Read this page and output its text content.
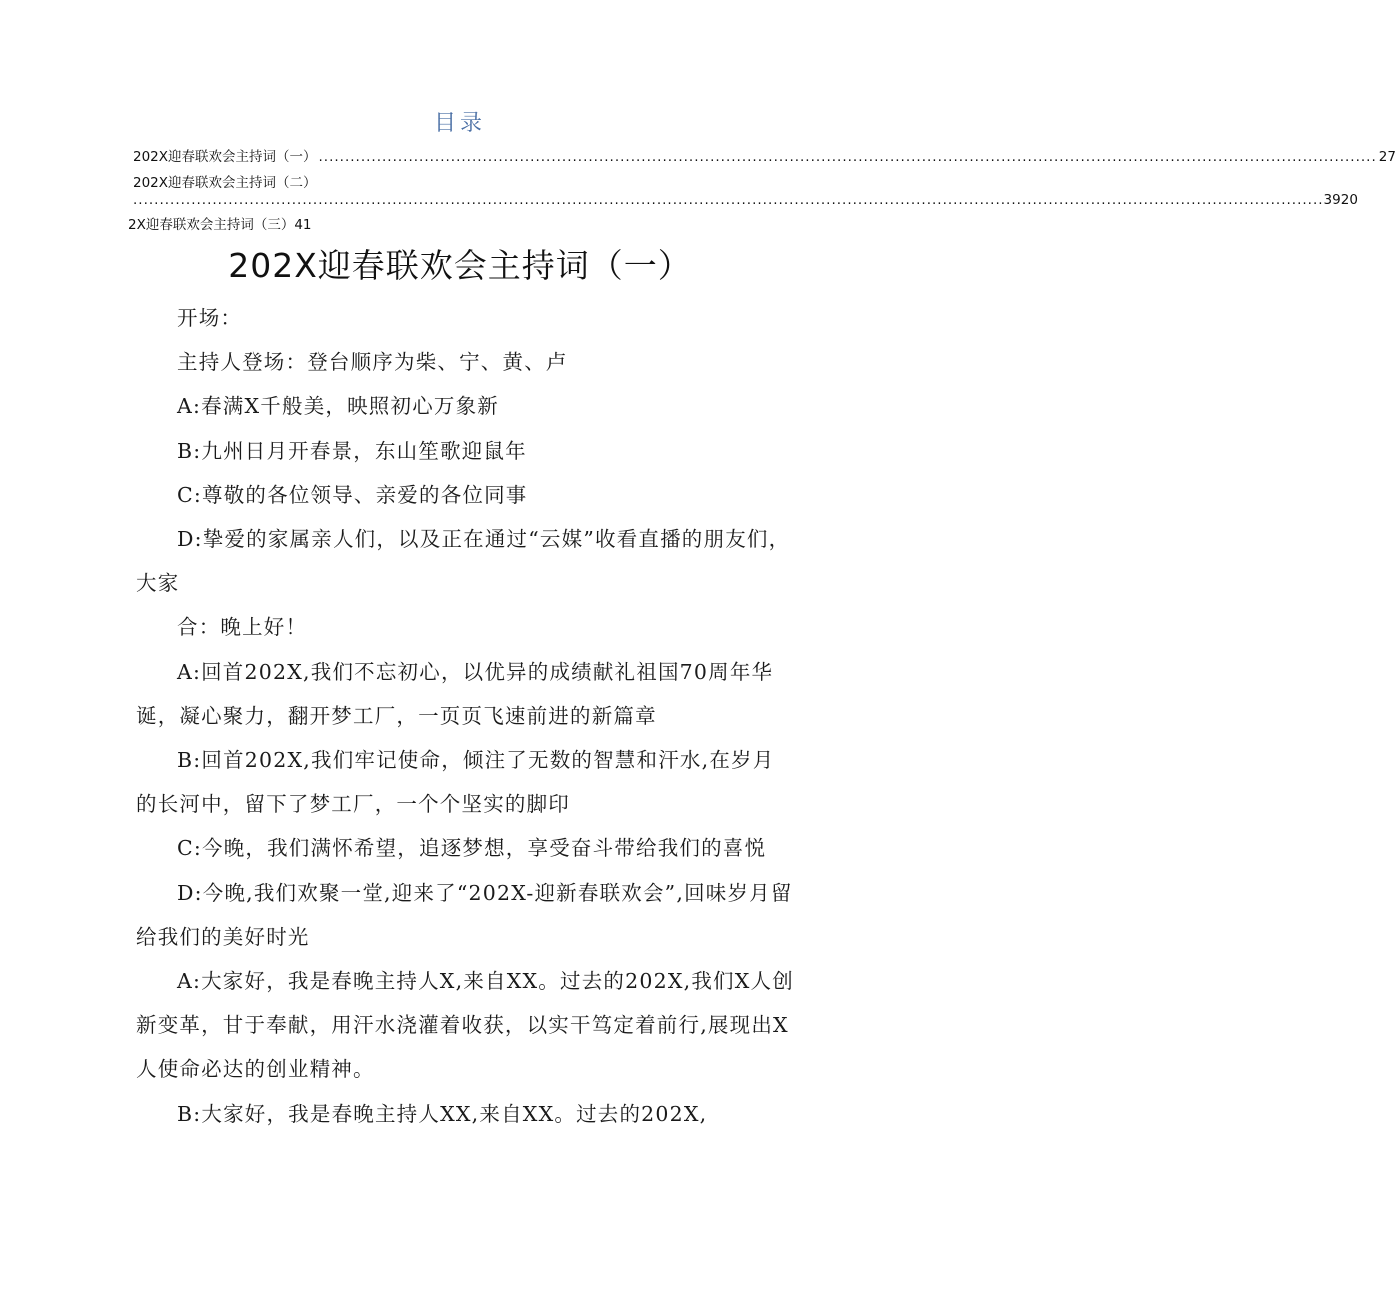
目录
202X迎春联欢会主持词（一） ........................................................................................................................................................................................................ 27
202X迎春联欢会主持词（二）
................................................................................................................................................................................................................................. 3920
2X迎春联欢会主持词（三）41
202X迎春联欢会主持词（一）

开场：

主持人登场：登台顺序为柴、宁、黄、卢

A:春满X千般美，映照初心万象新

B:九州日月开春景，东山笙歌迎鼠年

C:尊敬的各位领导、亲爱的各位同事

D:挚爱的家属亲人们，以及正在通过“云媒”收看直播的朋友们，大家

合：晚上好！

A:回首202X,我们不忘初心，以优异的成绩献礼祖国70周年华诞，凝心聚力，翻开梦工厂，一页页飞速前进的新篇章

B:回首202X,我们牢记使命，倾注了无数的智慧和汗水,在岁月的长河中，留下了梦工厂，一个个坚实的脚印

C:今晚，我们满怀希望，追逐梦想，享受奋斗带给我们的喜悦

D:今晚,我们欢聚一堂,迎来了“202X-迎新春联欢会”,回味岁月留给我们的美好时光

A:大家好，我是春晚主持人X,来自XX。过去的202X,我们X人创新变革，甘于奉献，用汗水浇灌着收获，以实干笃定着前行,展现出X人使命必达的创业精神。

B:大家好，我是春晚主持人XX,来自XX。过去的202X,
